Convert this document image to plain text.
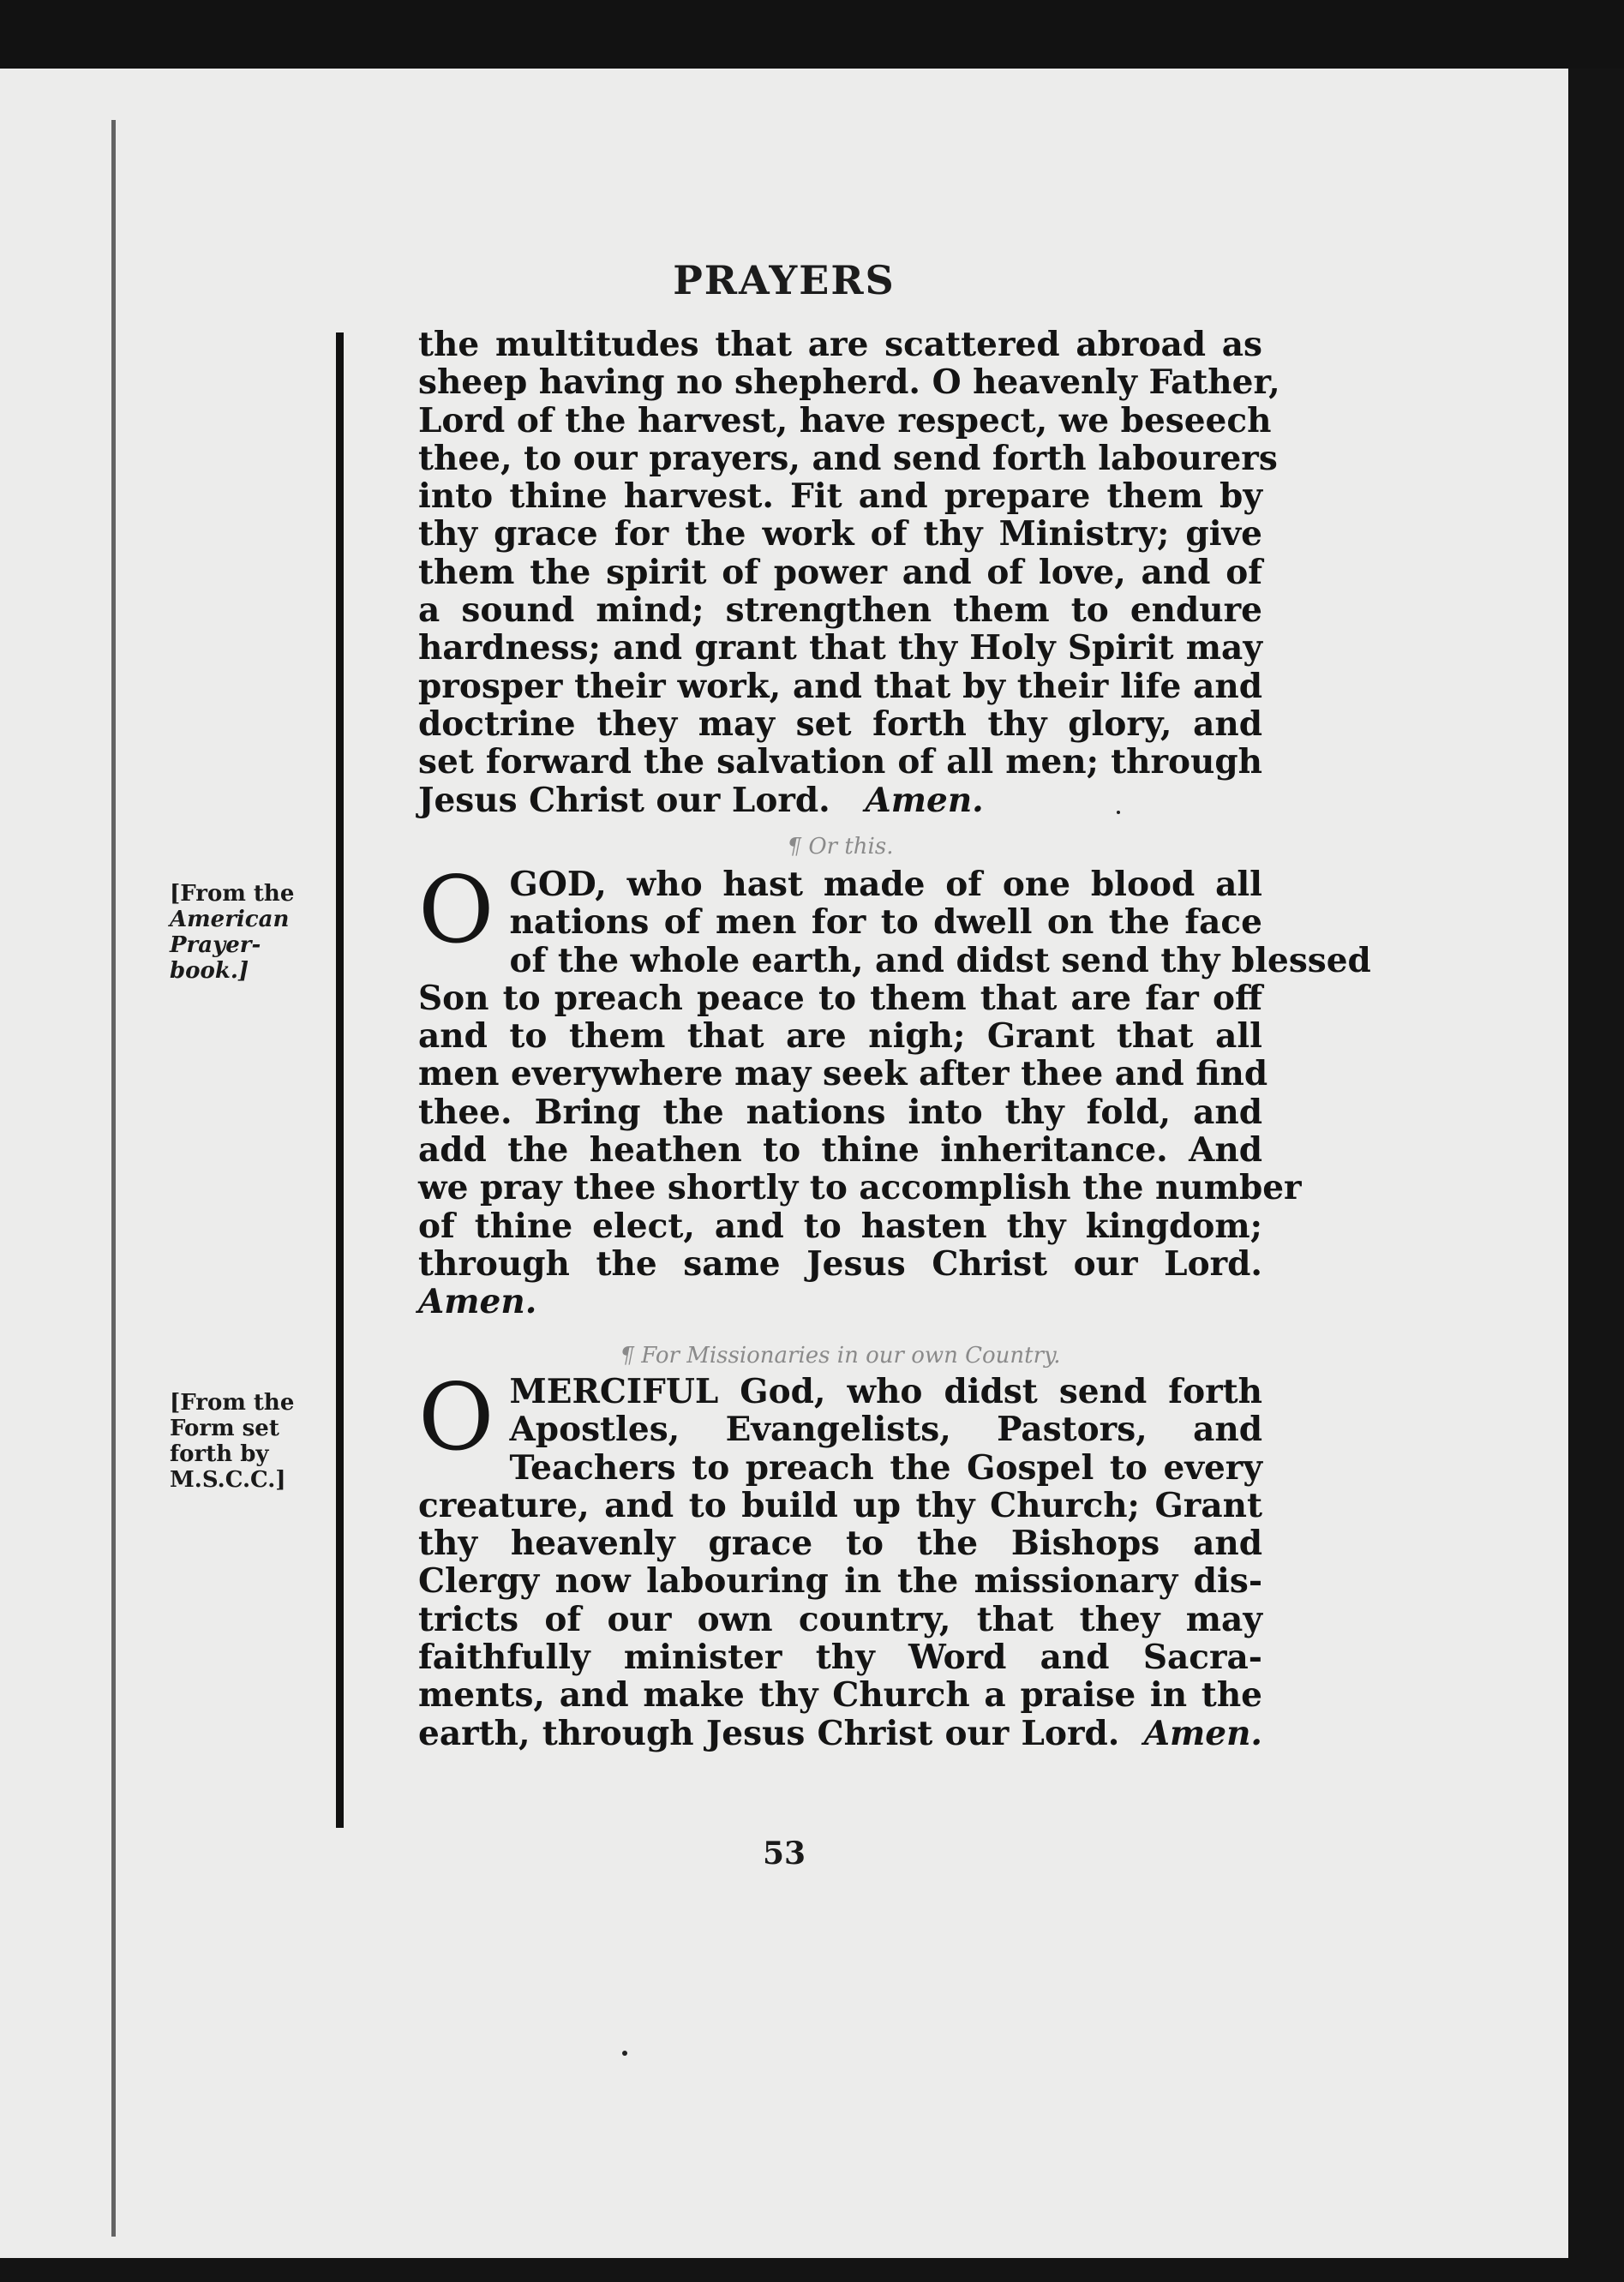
PRAYERS
the multitudes that are scattered abroad as
sheep having no shepherd. O heavenly Father,
Lord of the harvest, have respect, we beseech
thee, to our prayers, and send forth labourers
into thine harvest. Fit and prepare them by
thy grace for the work of thy Ministry; give
them the spirit of power and of love, and of
a sound mind; strengthen them to endure
hardness; and grant that thy Holy Spirit may
prosper their work, and that by their life and
doctrine they may set forth thy glory, and
set forward the salvation of all men; through
Jesus Christ our Lord. Amen.
¶ Or this.
[From the
American
Prayer-
book.]
O GOD, who hast made of one blood all
nations of men for to dwell on the face
of the whole earth, and didst send thy blessed
Son to preach peace to them that are far off
and to them that are nigh; Grant that all
men everywhere may seek after thee and find
thee. Bring the nations into thy fold, and
add the heathen to thine inheritance. And
we pray thee shortly to accomplish the number
of thine elect, and to hasten thy kingdom;
through the same Jesus Christ our Lord.
Amen.
¶ For Missionaries in our own Country.
[From the
Form set
forth by
M.S.C.C.]
O MERCIFUL God, who didst send forth
Apostles, Evangelists, Pastors, and
Teachers to preach the Gospel to every
creature, and to build up thy Church; Grant
thy heavenly grace to the Bishops and
Clergy now labouring in the missionary dis-
tricts of our own country, that they may
faithfully minister thy Word and Sacra-
ments, and make thy Church a praise in the
earth, through Jesus Christ our Lord. Amen.
53
